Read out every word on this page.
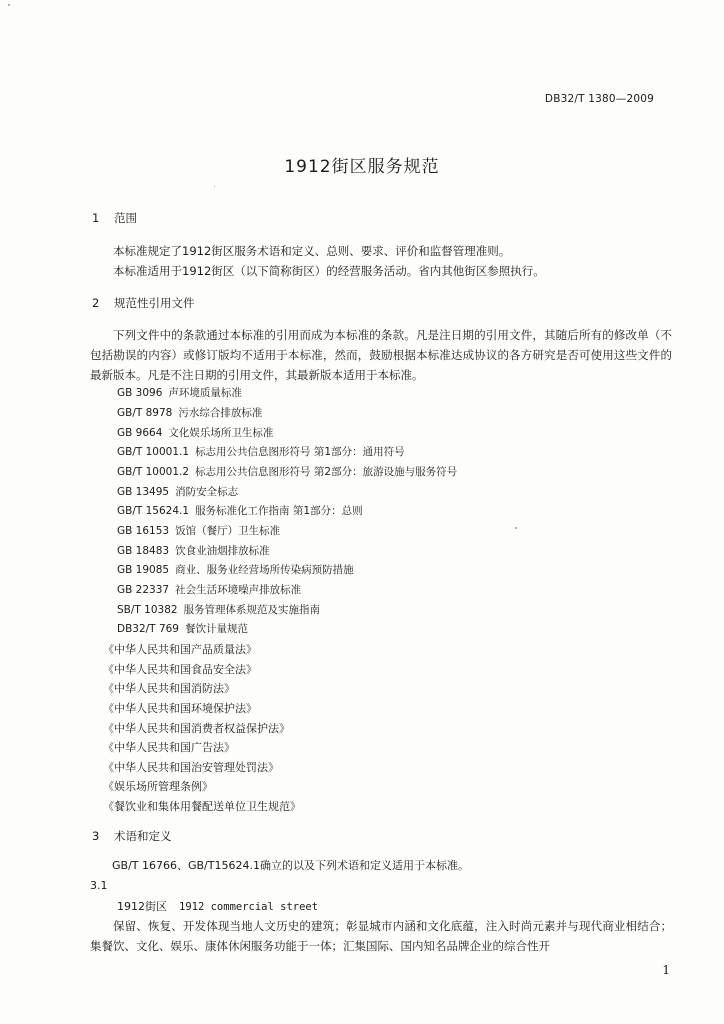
DB32/T 1380—2009
1912街区服务规范
1 范围
本标准规定了1912街区服务术语和定义、总则、要求、评价和监督管理准则。
本标准适用于1912街区（以下简称街区）的经营服务活动。省内其他街区参照执行。
2 规范性引用文件
下列文件中的条款通过本标准的引用而成为本标准的条款。凡是注日期的引用文件，其随后所有的修改单（不包括勘误的内容）或修订版均不适用于本标准，然而，鼓励根据本标准达成协议的各方研究是否可使用这些文件的最新版本。凡是不注日期的引用文件，其最新版本适用于本标准。
GB 3096 声环境质量标准
GB/T 8978 污水综合排放标准
GB 9664 文化娱乐场所卫生标准
GB/T 10001.1 标志用公共信息图形符号 第1部分：通用符号
GB/T 10001.2 标志用公共信息图形符号 第2部分：旅游设施与服务符号
GB 13495 消防安全标志
GB/T 15624.1 服务标准化工作指南 第1部分：总则
GB 16153 饭馆（餐厅）卫生标准
GB 18483 饮食业油烟排放标准
GB 19085 商业、服务业经营场所传染病预防措施
GB 22337 社会生活环境噪声排放标准
SB/T 10382 服务管理体系规范及实施指南
DB32/T 769 餐饮计量规范
《中华人民共和国产品质量法》
《中华人民共和国食品安全法》
《中华人民共和国消防法》
《中华人民共和国环境保护法》
《中华人民共和国消费者权益保护法》
《中华人民共和国广告法》
《中华人民共和国治安管理处罚法》
《娱乐场所管理条例》
《餐饮业和集体用餐配送单位卫生规范》
3 术语和定义
GB/T 16766、GB/T15624.1确立的以及下列术语和定义适用于本标准。
3.1
1912街区 1912 commercial street
保留、恢复、开发体现当地人文历史的建筑；彰显城市内涵和文化底蕴，注入时尚元素并与现代商业相结合；集餐饮、文化、娱乐、康体休闲服务功能于一体；汇集国际、国内知名品牌企业的综合性开
1
